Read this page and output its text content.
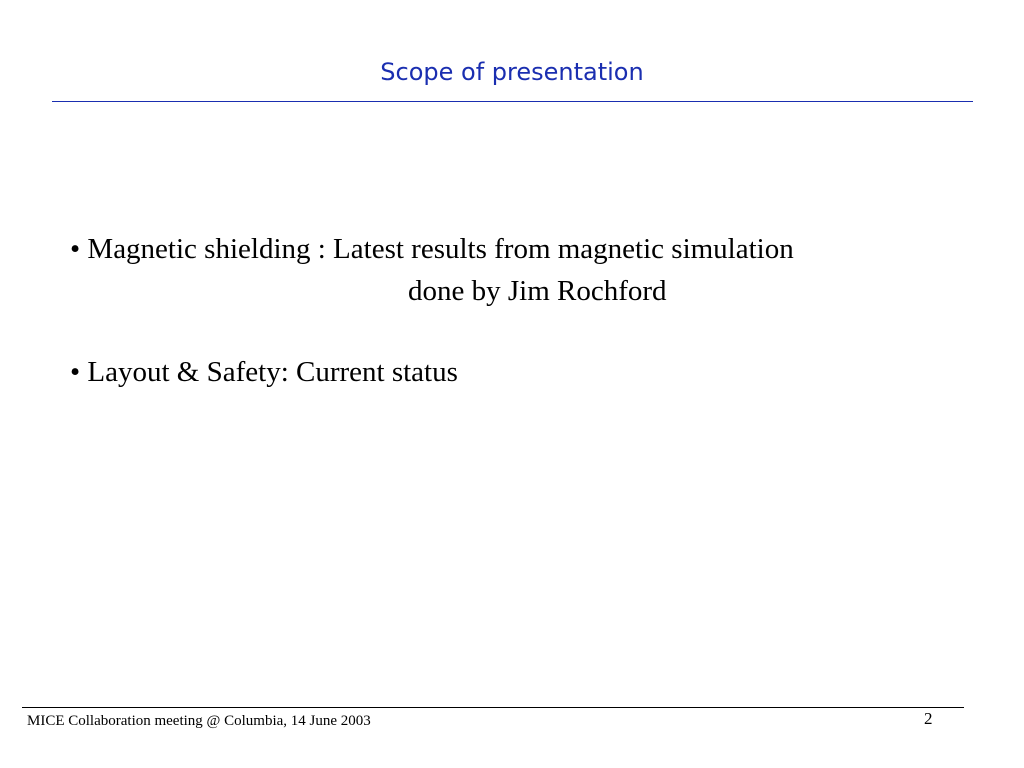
Scope of presentation
• Magnetic shielding : Latest results from magnetic simulation
done by Jim Rochford
• Layout & Safety: Current status
MICE Collaboration meeting @ Columbia, 14 June 2003	2
